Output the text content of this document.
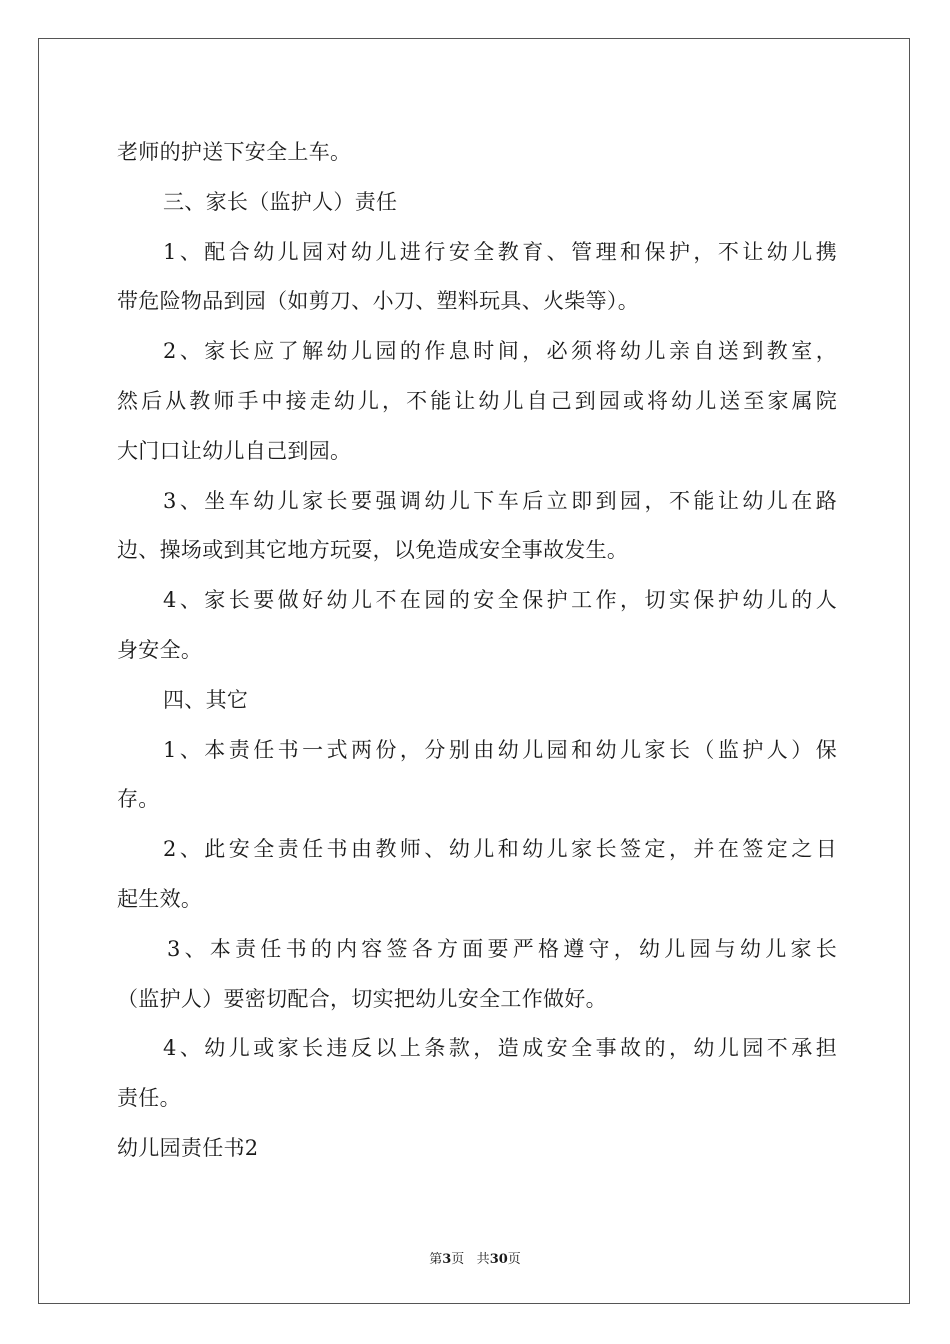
老师的护送下安全上车。
三、家长（监护人）责任
1、配合幼儿园对幼儿进行安全教育、管理和保护，不让幼儿携
带危险物品到园（如剪刀、小刀、塑料玩具、火柴等）。
2、家长应了解幼儿园的作息时间，必须将幼儿亲自送到教室，
然后从教师手中接走幼儿，不能让幼儿自己到园或将幼儿送至家属院
大门口让幼儿自己到园。
3、坐车幼儿家长要强调幼儿下车后立即到园，不能让幼儿在路
边、操场或到其它地方玩耍，以免造成安全事故发生。
4、家长要做好幼儿不在园的安全保护工作，切实保护幼儿的人
身安全。
四、其它
1、本责任书一式两份，分别由幼儿园和幼儿家长（监护人）保
存。
2、此安全责任书由教师、幼儿和幼儿家长签定，并在签定之日
起生效。
3、本责任书的内容签各方面要严格遵守，幼儿园与幼儿家长
（监护人）要密切配合，切实把幼儿安全工作做好。
4、幼儿或家长违反以上条款，造成安全事故的，幼儿园不承担
责任。
幼儿园责任书2
第3页 共30页
